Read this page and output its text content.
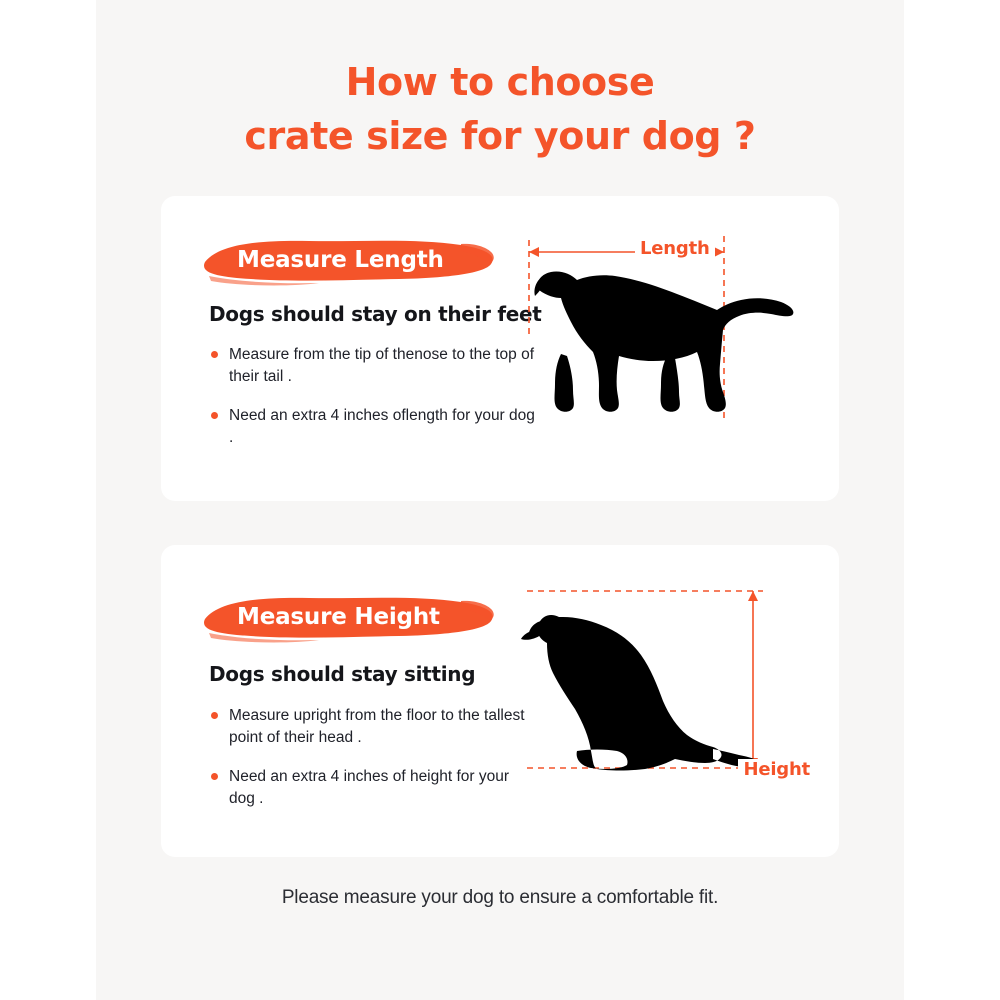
How to choose
crate size for your dog ?
Measure Length
Dogs should stay on their feet
Measure from the tip of thenose to the top of their tail .
Need an extra 4 inches oflength for your dog .
Length
Measure Height
Dogs should stay sitting
Measure upright from the floor to the tallest point of their head .
Need an extra 4 inches of height for your dog .
Height
Please measure your dog to ensure a comfortable fit.
